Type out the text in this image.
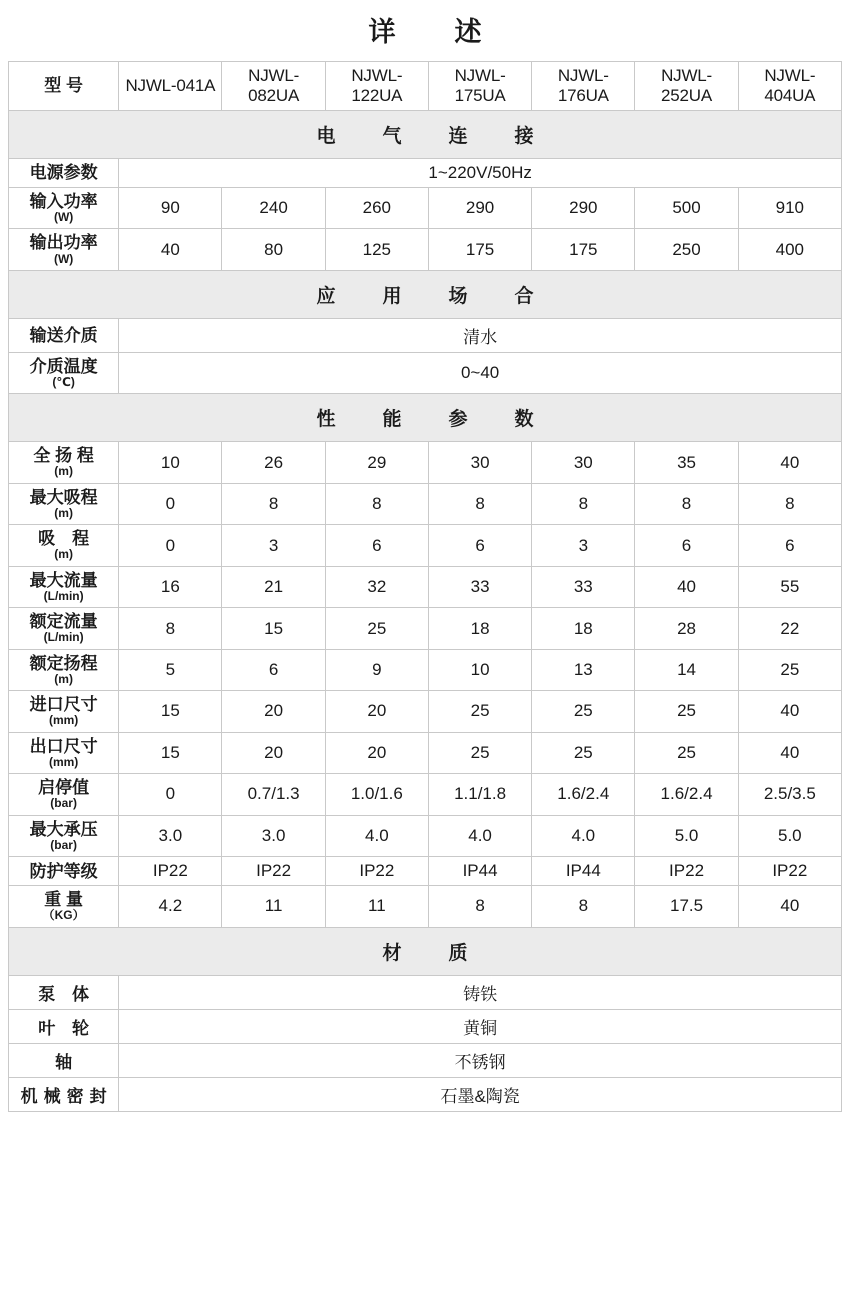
详　述							
型 号	NJWL-041A	NJWL-082UA	NJWL-122UA	NJWL-175UA	NJWL-176UA	NJWL-252UA	NJWL-404UA
电　气　连　接							
电源参数	1~220V/50Hz						
输入功率
(W)	90	240	260	290	290	500	910
输出功率
(W)	40	80	125	175	175	250	400
应　用　场　合							
输送介质	清水						
介质温度
(℃)	0~40						
性　能　参　数							
全 扬 程
(m)	10	26	29	30	30	35	40
最大吸程
(m)	0	8	8	8	8	8	8
吸　程
(m)	0	3	6	6	3	6	6
最大流量
(L/min)	16	21	32	33	33	40	55
额定流量
(L/min)	8	15	25	18	18	28	22
额定扬程
(m)	5	6	9	10	13	14	25
进口尺寸
(mm)	15	20	20	25	25	25	40
出口尺寸
(mm)	15	20	20	25	25	25	40
启停值
(bar)	0	0.7/1.3	1.0/1.6	1.1/1.8	1.6/2.4	1.6/2.4	2.5/3.5
最大承压
(bar)	3.0	3.0	4.0	4.0	4.0	5.0	5.0
防护等级	IP22	IP22	IP22	IP44	IP44	IP22	IP22
重 量
（KG）	4.2	11	11	8	8	17.5	40
材　质							
泵 体	铸铁						
叶 轮	黄铜						
轴	不锈钢						
机械密封	石墨&陶瓷						
